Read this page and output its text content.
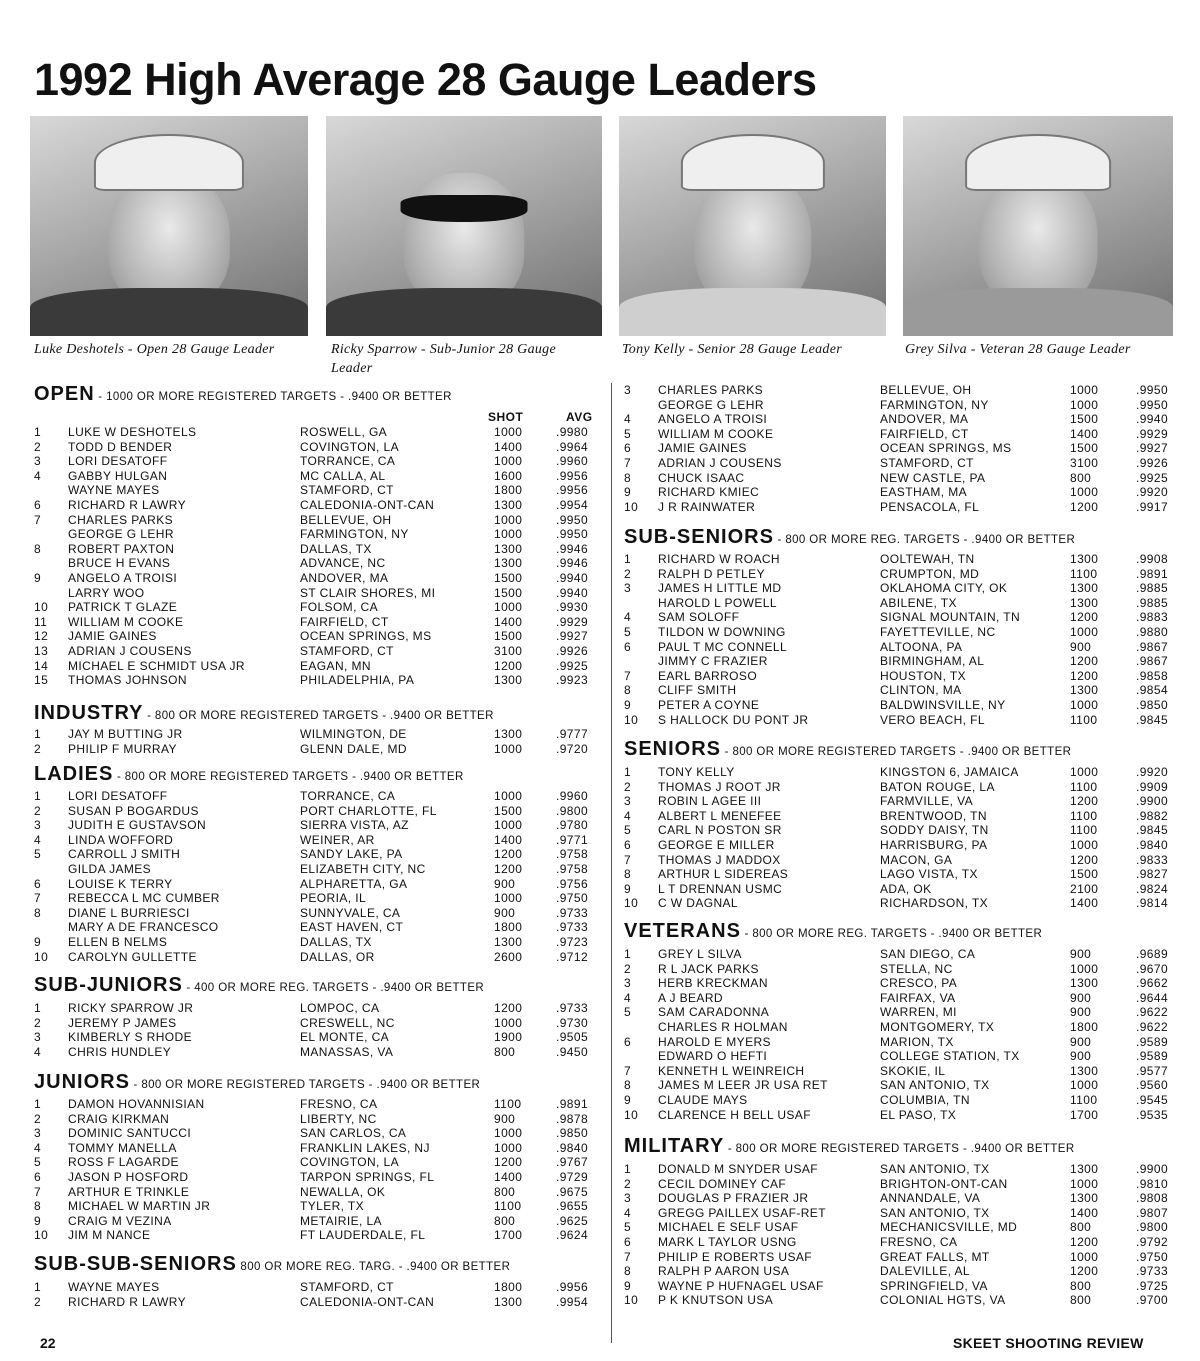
1992 High Average 28 Gauge Leaders
Luke Deshotels - Open 28 Gauge Leader	Ricky Sparrow - Sub-Junior 28 Gauge Leader
Tony Kelly - Senior 28 Gauge Leader	Grey Silva - Veteran 28 Gauge Leader
SHOT	AVG
OPEN - 1000 OR MORE REGISTERED TARGETS - .9400 OR BETTER
1 LUKE W DESHOTELS	ROSWELL, GA	1000	.9980
2 TODD D BENDER	COVINGTON, LA	1400	.9964
3 LORI DESATOFF	TORRANCE, CA	1000	.9960
4 GABBY HULGAN	MC CALLA, AL	1600	.9956
WAYNE MAYES	STAMFORD, CT	1800	.9956
6 RICHARD R LAWRY	CALEDONIA-ONT-CAN	1300	.9954
7 CHARLES PARKS	BELLEVUE, OH	1000	.9950
GEORGE G LEHR	FARMINGTON, NY	1000	.9950
8 ROBERT PAXTON	DALLAS, TX	1300	.9946
BRUCE H EVANS	ADVANCE, NC	1300	.9946
9 ANGELO A TROISI	ANDOVER, MA	1500	.9940
LARRY WOO	ST CLAIR SHORES, MI	1500	.9940
10 PATRICK T GLAZE	FOLSOM, CA	1000	.9930
11 WILLIAM M COOKE	FAIRFIELD, CT	1400	.9929
12 JAMIE GAINES	OCEAN SPRINGS, MS	1500	.9927
13 ADRIAN J COUSENS	STAMFORD, CT	3100	.9926
14 MICHAEL E SCHMIDT USA JR	EAGAN, MN	1200	.9925
15 THOMAS JOHNSON	PHILADELPHIA, PA	1300	.9923
INDUSTRY - 800 OR MORE REGISTERED TARGETS - .9400 OR BETTER
1 JAY M BUTTING JR	WILMINGTON, DE	1300	.9777
2 PHILIP F MURRAY	GLENN DALE, MD	1000	.9720
LADIES - 800 OR MORE REGISTERED TARGETS - .9400 OR BETTER
1 LORI DESATOFF	TORRANCE, CA	1000	.9960
2 SUSAN P BOGARDUS	PORT CHARLOTTE, FL	1500	.9800
3 JUDITH E GUSTAVSON	SIERRA VISTA, AZ	1000	.9780
4 LINDA WOFFORD	WEINER, AR	1400	.9771
5 CARROLL J SMITH	SANDY LAKE, PA	1200	.9758
GILDA JAMES	ELIZABETH CITY, NC	1200	.9758
6 LOUISE K TERRY	ALPHARETTA, GA	900	.9756
7 REBECCA L MC CUMBER	PEORIA, IL	1000	.9750
8 DIANE L BURRIESCI	SUNNYVALE, CA	900	.9733
MARY A DE FRANCESCO	EAST HAVEN, CT	1800	.9733
9 ELLEN B NELMS	DALLAS, TX	1300	.9723
10 CAROLYN GULLETTE	DALLAS, OR	2600	.9712
SUB-JUNIORS - 400 OR MORE REG. TARGETS - .9400 OR BETTER
1 RICKY SPARROW JR	LOMPOC, CA	1200	.9733
2 JEREMY P JAMES	CRESWELL, NC	1000	.9730
3 KIMBERLY S RHODE	EL MONTE, CA	1900	.9505
4 CHRIS HUNDLEY	MANASSAS, VA	800	.9450
JUNIORS - 800 OR MORE REGISTERED TARGETS - .9400 OR BETTER
1 DAMON HOVANNISIAN	FRESNO, CA	1100	.9891
2 CRAIG KIRKMAN	LIBERTY, NC	900	.9878
3 DOMINIC SANTUCCI	SAN CARLOS, CA	1000	.9850
4 TOMMY MANELLA	FRANKLIN LAKES, NJ	1000	.9840
5 ROSS F LAGARDE	COVINGTON, LA	1200	.9767
6 JASON P HOSFORD	TARPON SPRINGS, FL	1400	.9729
7 ARTHUR E TRINKLE	NEWALLA, OK	800	.9675
8 MICHAEL W MARTIN JR	TYLER, TX	1100	.9655
9 CRAIG M VEZINA	METAIRIE, LA	800	.9625
10 JIM M NANCE	FT LAUDERDALE, FL	1700	.9624
SUB-SUB-SENIORS 800 OR MORE REG. TARG. - .9400 OR BETTER
1 WAYNE MAYES	STAMFORD, CT	1800	.9956
2 RICHARD R LAWRY	CALEDONIA-ONT-CAN	1300	.9954
3 CHARLES PARKS	BELLEVUE, OH	1000	.9950
GEORGE G LEHR	FARMINGTON, NY	1000	.9950
4 ANGELO A TROISI	ANDOVER, MA	1500	.9940
5 WILLIAM M COOKE	FAIRFIELD, CT	1400	.9929
6 JAMIE GAINES	OCEAN SPRINGS, MS	1500	.9927
7 ADRIAN J COUSENS	STAMFORD, CT	3100	.9926
8 CHUCK ISAAC	NEW CASTLE, PA	800	.9925
9 RICHARD KMIEC	EASTHAM, MA	1000	.9920
10 J R RAINWATER	PENSACOLA, FL	1200	.9917
SUB-SENIORS - 800 OR MORE REG. TARGETS - .9400 OR BETTER
1 RICHARD W ROACH	OOLTEWAH, TN	1300	.9908
2 RALPH D PETLEY	CRUMPTON, MD	1100	.9891
3 JAMES H LITTLE MD	OKLAHOMA CITY, OK	1300	.9885
HAROLD L POWELL	ABILENE, TX	1300	.9885
4 SAM SOLOFF	SIGNAL MOUNTAIN, TN	1200	.9883
5 TILDON W DOWNING	FAYETTEVILLE, NC	1000	.9880
6 PAUL T MC CONNELL	ALTOONA, PA	900	.9867
JIMMY C FRAZIER	BIRMINGHAM, AL	1200	.9867
7 EARL BARROSO	HOUSTON, TX	1200	.9858
8 CLIFF SMITH	CLINTON, MA	1300	.9854
9 PETER A COYNE	BALDWINSVILLE, NY	1000	.9850
10 S HALLOCK DU PONT JR	VERO BEACH, FL	1100	.9845
SENIORS - 800 OR MORE REGISTERED TARGETS - .9400 OR BETTER
1 TONY KELLY	KINGSTON 6, JAMAICA	1000	.9920
2 THOMAS J ROOT JR	BATON ROUGE, LA	1100	.9909
3 ROBIN L AGEE III	FARMVILLE, VA	1200	.9900
4 ALBERT L MENEFEE	BRENTWOOD, TN	1100	.9882
5 CARL N POSTON SR	SODDY DAISY, TN	1100	.9845
6 GEORGE E MILLER	HARRISBURG, PA	1000	.9840
7 THOMAS J MADDOX	MACON, GA	1200	.9833
8 ARTHUR L SIDEREAS	LAGO VISTA, TX	1500	.9827
9 L T DRENNAN USMC	ADA, OK	2100	.9824
10 C W DAGNAL	RICHARDSON, TX	1400	.9814
VETERANS - 800 OR MORE REG. TARGETS - .9400 OR BETTER
1 GREY L SILVA	SAN DIEGO, CA	900	.9689
2 R L JACK PARKS	STELLA, NC	1000	.9670
3 HERB KRECKMAN	CRESCO, PA	1300	.9662
4 A J BEARD	FAIRFAX, VA	900	.9644
5 SAM CARADONNA	WARREN, MI	900	.9622
CHARLES R HOLMAN	MONTGOMERY, TX	1800	.9622
6 HAROLD E MYERS	MARION, TX	900	.9589
EDWARD O HEFTI	COLLEGE STATION, TX	900	.9589
7 KENNETH L WEINREICH	SKOKIE, IL	1300	.9577
8 JAMES M LEER JR USA RET	SAN ANTONIO, TX	1000	.9560
9 CLAUDE MAYS	COLUMBIA, TN	1100	.9545
10 CLARENCE H BELL USAF	EL PASO, TX	1700	.9535
MILITARY - 800 OR MORE REGISTERED TARGETS - .9400 OR BETTER
1 DONALD M SNYDER USAF	SAN ANTONIO, TX	1300	.9900
2 CECIL DOMINEY CAF	BRIGHTON-ONT-CAN	1000	.9810
3 DOUGLAS P FRAZIER JR	ANNANDALE, VA	1300	.9808
4 GREGG PAILLEX USAF-RET	SAN ANTONIO, TX	1400	.9807
5 MICHAEL E SELF USAF	MECHANICSVILLE, MD	800	.9800
6 MARK L TAYLOR USNG	FRESNO, CA	1200	.9792
7 PHILIP E ROBERTS USAF	GREAT FALLS, MT	1000	.9750
8 RALPH P AARON USA	DALEVILLE, AL	1200	.9733
9 WAYNE P HUFNAGEL USAF	SPRINGFIELD, VA	800	.9725
10 P K KNUTSON USA	COLONIAL HGTS, VA	800	.9700
22	SKEET SHOOTING REVIEW
